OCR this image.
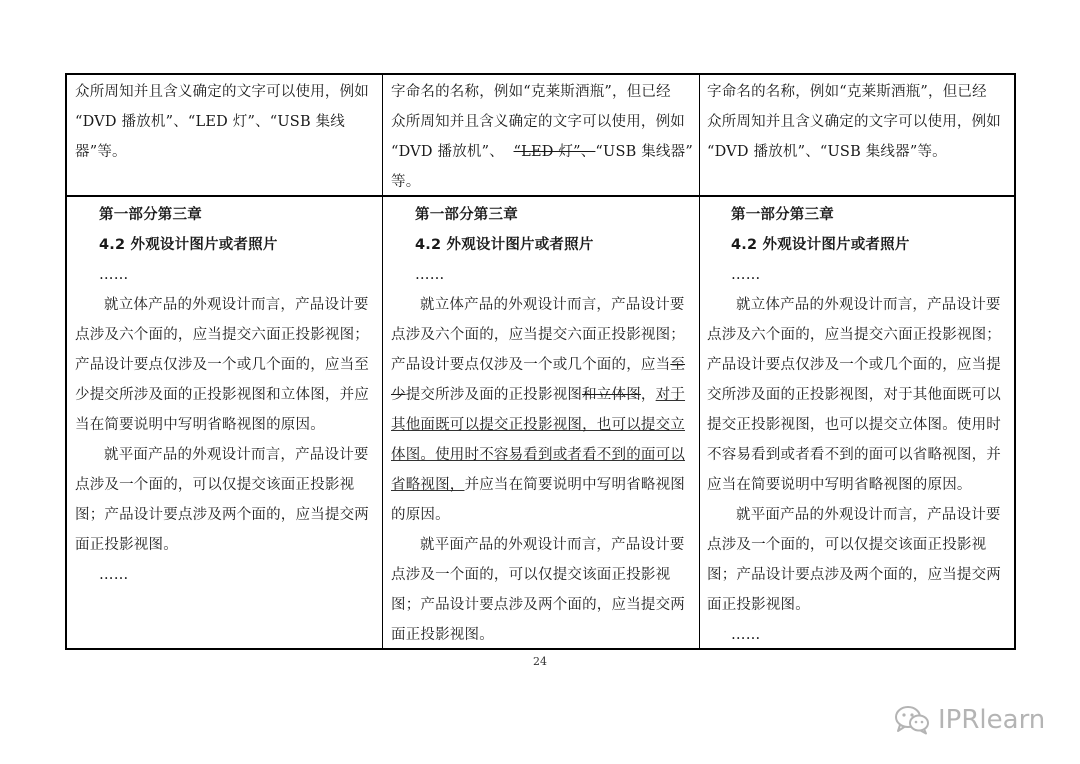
众所周知并且含义确定的文字可以使用，例如

“DVD 播放机”、“LED 灯”、“USB 集线器”等。

字命名的名称，例如“克莱斯酒瓶”，但已经

众所周知并且含义确定的文字可以使用，例如

“DVD 播放机”、 “LED 灯”、“USB 集线器”

等。

字命名的名称，例如“克莱斯酒瓶”，但已经

众所周知并且含义确定的文字可以使用，例如

“DVD 播放机”、“USB 集线器”等。

第一部分第三章

4.2 外观设计图片或者照片

……

就立体产品的外观设计而言，产品设计要点涉及六个面的，应当提交六面正投影视图；产品设计要点仅涉及一个或几个面的，应当至少提交所涉及面的正投影视图和立体图，并应当在简要说明中写明省略视图的原因。

就平面产品的外观设计而言，产品设计要点涉及一个面的，可以仅提交该面正投影视图；产品设计要点涉及两个面的，应当提交两面正投影视图。

……

第一部分第三章

4.2 外观设计图片或者照片

……

就立体产品的外观设计而言，产品设计要点涉及六个面的，应当提交六面正投影视图；产品设计要点仅涉及一个或几个面的，应当至少提交所涉及面的正投影视图和立体图，对于其他面既可以提交正投影视图，也可以提交立体图。使用时不容易看到或者看不到的面可以省略视图，并应当在简要说明中写明省略视图的原因。

就平面产品的外观设计而言，产品设计要点涉及一个面的，可以仅提交该面正投影视图；产品设计要点涉及两个面的，应当提交两面正投影视图。

第一部分第三章

4.2 外观设计图片或者照片

……

就立体产品的外观设计而言，产品设计要点涉及六个面的，应当提交六面正投影视图；产品设计要点仅涉及一个或几个面的，应当提交所涉及面的正投影视图，对于其他面既可以提交正投影视图，也可以提交立体图。使用时不容易看到或者看不到的面可以省略视图，并应当在简要说明中写明省略视图的原因。

就平面产品的外观设计而言，产品设计要点涉及一个面的，可以仅提交该面正投影视图；产品设计要点涉及两个面的，应当提交两面正投影视图。

……

24
IPRlearn
